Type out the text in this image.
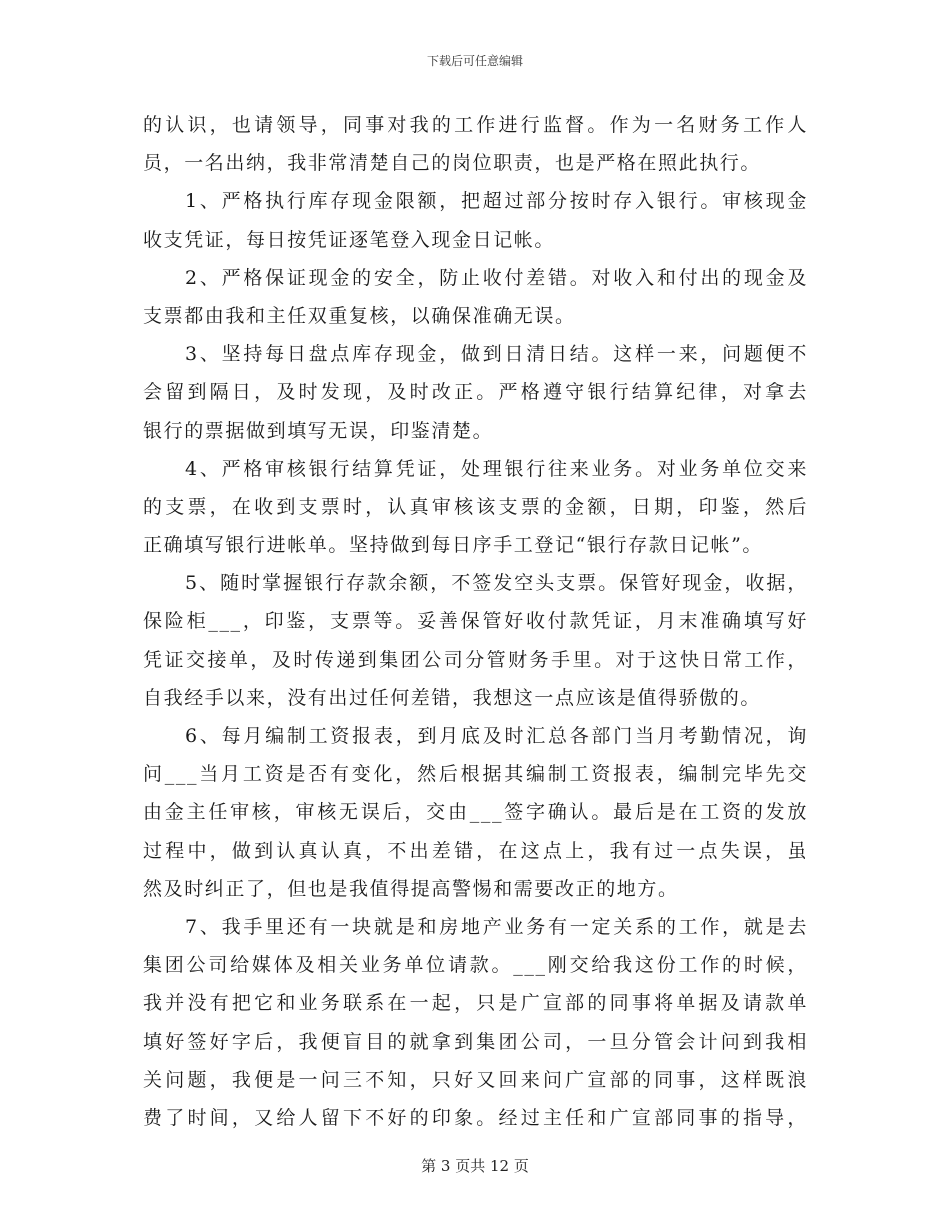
下载后可任意编辑
的认识，也请领导，同事对我的工作进行监督。作为一名财务工作人
员，一名出纳，我非常清楚自己的岗位职责，也是严格在照此执行。
1、严格执行库存现金限额，把超过部分按时存入银行。审核现金
收支凭证，每日按凭证逐笔登入现金日记帐。
2、严格保证现金的安全，防止收付差错。对收入和付出的现金及
支票都由我和主任双重复核，以确保准确无误。
3、坚持每日盘点库存现金，做到日清日结。这样一来，问题便不
会留到隔日，及时发现，及时改正。严格遵守银行结算纪律，对拿去
银行的票据做到填写无误，印鉴清楚。
4、严格审核银行结算凭证，处理银行往来业务。对业务单位交来
的支票，在收到支票时，认真审核该支票的金额，日期，印鉴，然后
正确填写银行进帐单。坚持做到每日序手工登记“银行存款日记帐”。
5、随时掌握银行存款余额，不签发空头支票。保管好现金，收据，
保险柜___，印鉴，支票等。妥善保管好收付款凭证，月末准确填写好
凭证交接单，及时传递到集团公司分管财务手里。对于这快日常工作，
自我经手以来，没有出过任何差错，我想这一点应该是值得骄傲的。
6、每月编制工资报表，到月底及时汇总各部门当月考勤情况，询
问___当月工资是否有变化，然后根据其编制工资报表，编制完毕先交
由金主任审核，审核无误后，交由___签字确认。最后是在工资的发放
过程中，做到认真认真，不出差错，在这点上，我有过一点失误，虽
然及时纠正了，但也是我值得提高警惕和需要改正的地方。
7、我手里还有一块就是和房地产业务有一定关系的工作，就是去
集团公司给媒体及相关业务单位请款。___刚交给我这份工作的时候，
我并没有把它和业务联系在一起，只是广宣部的同事将单据及请款单
填好签好字后，我便盲目的就拿到集团公司，一旦分管会计问到我相
关问题，我便是一问三不知，只好又回来问广宣部的同事，这样既浪
费了时间，又给人留下不好的印象。经过主任和广宣部同事的指导，
第 3 页共 12 页
